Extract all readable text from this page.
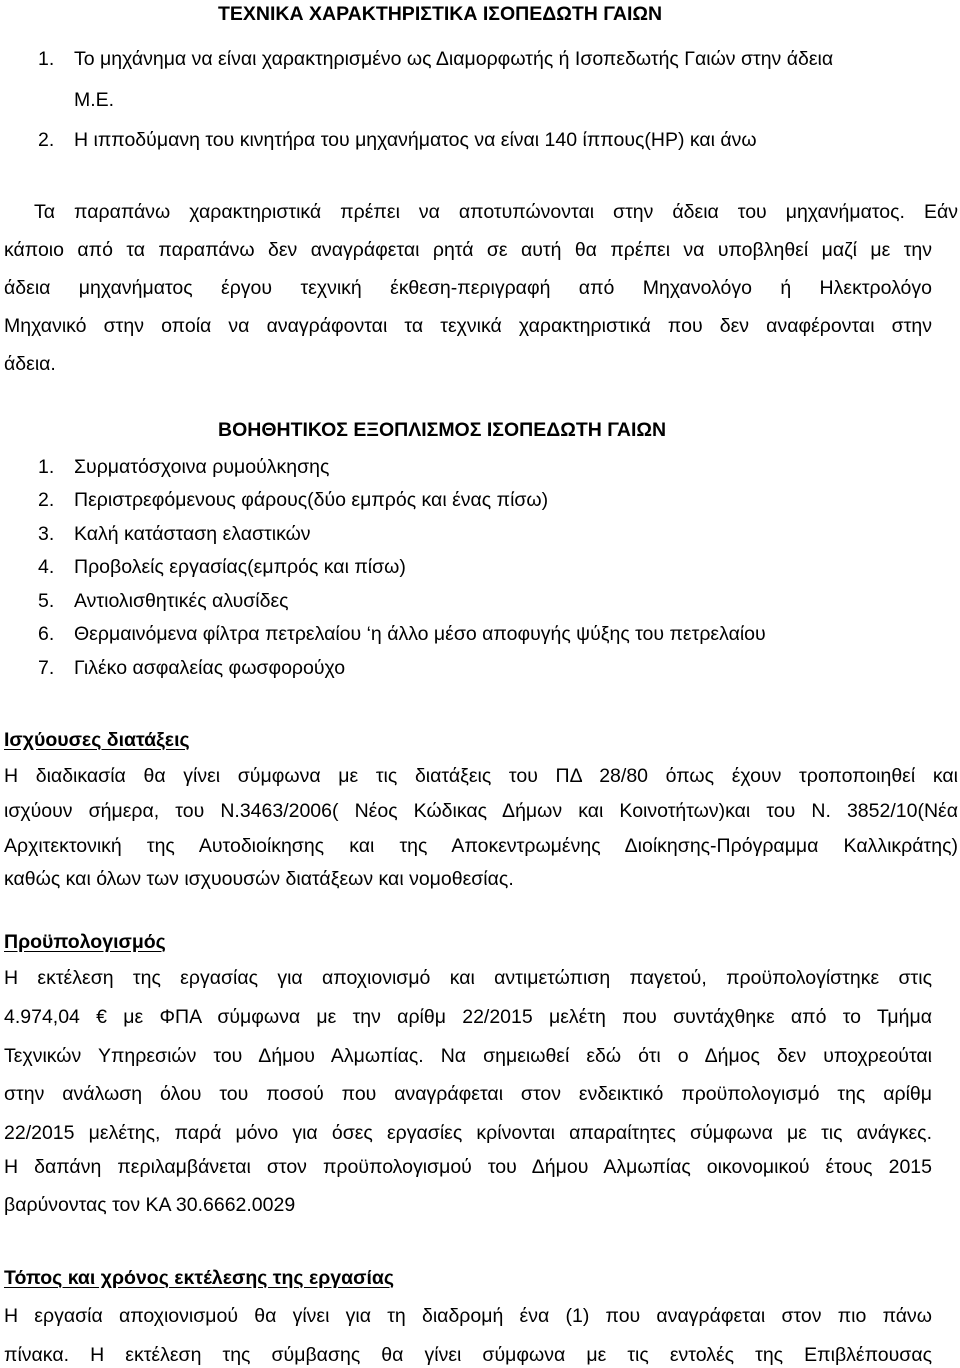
ΤΕΧΝΙΚΑ ΧΑΡΑΚΤΗΡΙΣΤΙΚΑ ΙΣΟΠΕΔΩΤΗ ΓΑΙΩΝ
1. Το μηχάνημα να είναι χαρακτηρισμένο ως Διαμορφωτής ή Ισοπεδωτής Γαιών στην άδεια
Μ.Ε.
2. Η ιπποδύμανη του κινητήρα του μηχανήματος να είναι 140 ίππους(HP) και άνω
Τα παραπάνω χαρακτηριστικά πρέπει να αποτυπώνονται στην άδεια του μηχανήματος. Εάν
κάποιο από τα παραπάνω δεν αναγράφεται ρητά σε αυτή θα πρέπει να υποβληθεί μαζί με την
άδεια μηχανήματος έργου τεχνική έκθεση-περιγραφή από Μηχανολόγο ή Ηλεκτρολόγο
Μηχανικό στην οποία να αναγράφονται τα τεχνικά χαρακτηριστικά που δεν αναφέρονται στην
άδεια.
ΒΟΗΘΗΤΙΚΟΣ ΕΞΟΠΛΙΣΜΟΣ ΙΣΟΠΕΔΩΤΗ ΓΑΙΩΝ
1. Συρματόσχοινα ρυμούλκησης
2. Περιστρεφόμενους φάρους(δύο εμπρός και ένας πίσω)
3. Καλή κατάσταση ελαστικών
4. Προβολείς εργασίας(εμπρός και πίσω)
5. Αντιολισθητικές αλυσίδες
6. Θερμαινόμενα φίλτρα πετρελαίου ‘η άλλο μέσο αποφυγής ψύξης του πετρελαίου
7. Γιλέκο ασφαλείας φωσφορούχο
Ισχύουσες διατάξεις
Η διαδικασία θα γίνει σύμφωνα με τις διατάξεις του ΠΔ 28/80 όπως έχουν τροποποιηθεί και
ισχύουν σήμερα, του Ν.3463/2006( Νέος Κώδικας Δήμων και Κοινοτήτων)και του Ν. 3852/10(Νέα
Αρχιτεκτονική της Αυτοδιοίκησης και της Αποκεντρωμένης Διοίκησης-Πρόγραμμα Καλλικράτης)
καθώς και όλων των ισχυουσών διατάξεων και νομοθεσίας.
Προϋπολογισμός
Η εκτέλεση της εργασίας για αποχιονισμό και αντιμετώπιση παγετού, προϋπολογίστηκε στις
4.974,04 € με ΦΠΑ σύμφωνα με την αρίθμ 22/2015 μελέτη που συντάχθηκε από το Τμήμα
Τεχνικών Υπηρεσιών του Δήμου Αλμωπίας. Να σημειωθεί εδώ ότι ο Δήμος δεν υποχρεούται
στην ανάλωση όλου του ποσού που αναγράφεται στον ενδεικτικό προϋπολογισμό της αρίθμ
22/2015 μελέτης, παρά μόνο για όσες εργασίες κρίνονται απαραίτητες σύμφωνα με τις ανάγκες.
Η δαπάνη περιλαμβάνεται στον προϋπολογισμού του Δήμου Αλμωπίας οικονομικού έτους 2015
βαρύνοντας τον ΚΑ 30.6662.0029
Τόπος και χρόνος εκτέλεσης της εργασίας
Η εργασία αποχιονισμού θα γίνει για τη διαδρομή ένα (1) που αναγράφεται στον πιο πάνω
πίνακα. Η εκτέλεση της σύμβασης θα γίνει σύμφωνα με τις εντολές της Επιβλέπουσας
